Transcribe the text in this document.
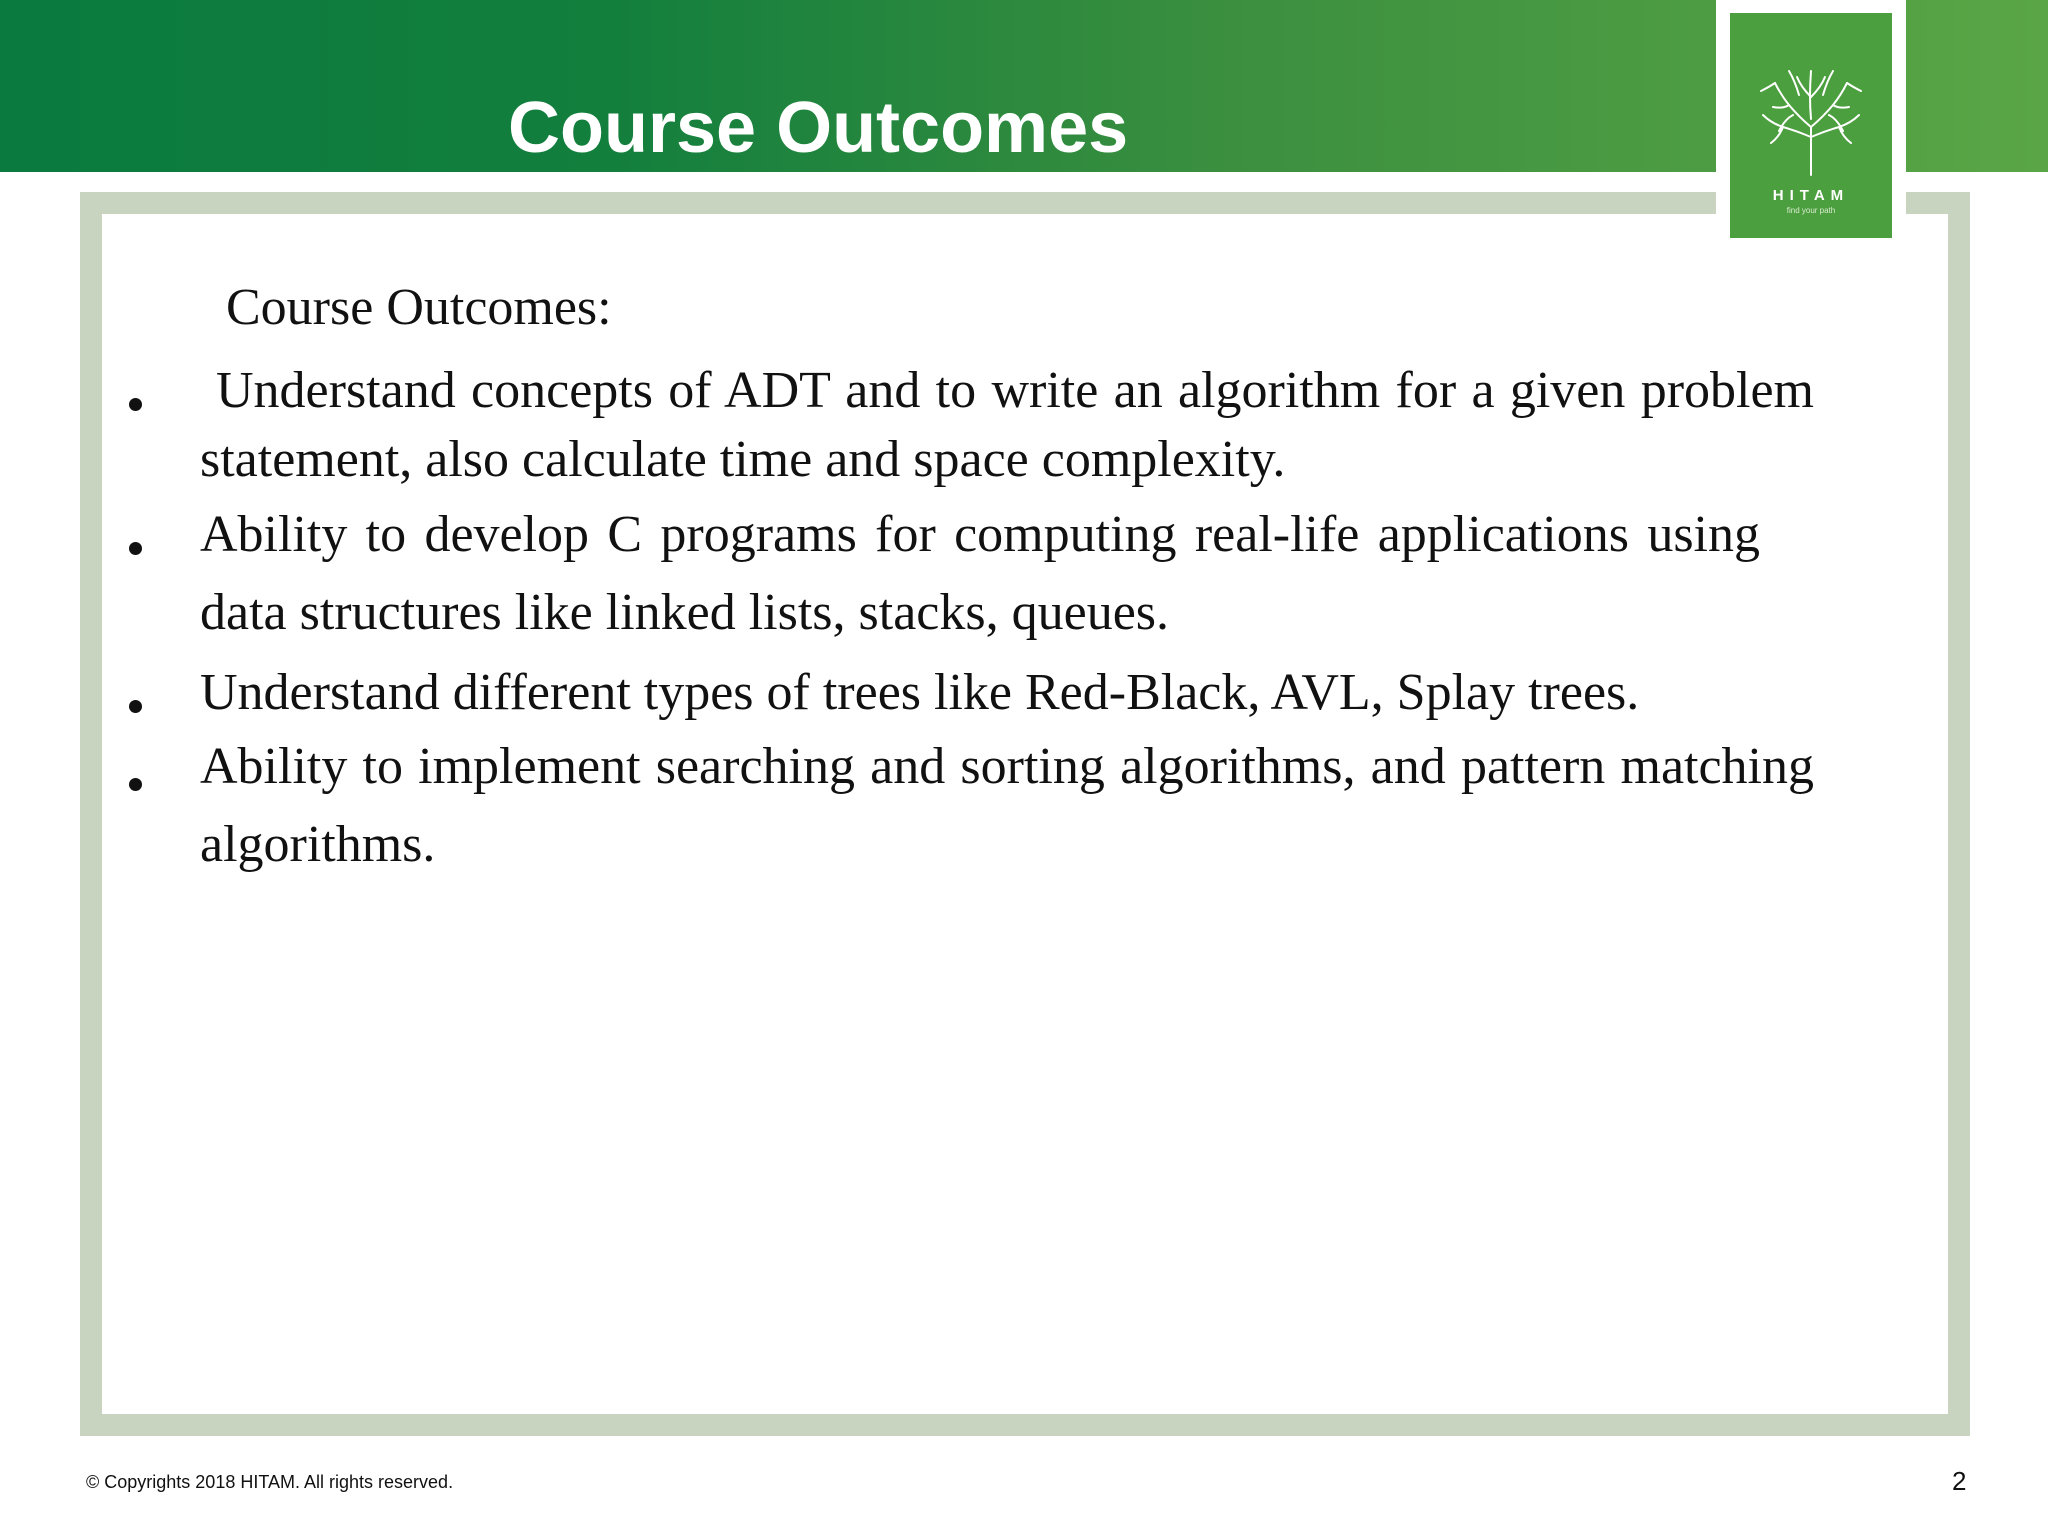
Course Outcomes
HITAM
find your path
Course Outcomes:
Understand concepts of ADT and to write an algorithm for a given problem statement, also calculate time and space complexity.
Ability to develop C programs for computing real-life applications using data structures like linked lists, stacks, queues.
Understand different types of trees like Red-Black, AVL, Splay trees.
Ability to implement searching and sorting algorithms, and pattern matching algorithms.
© Copyrights 2018 HITAM. All rights reserved.	2
